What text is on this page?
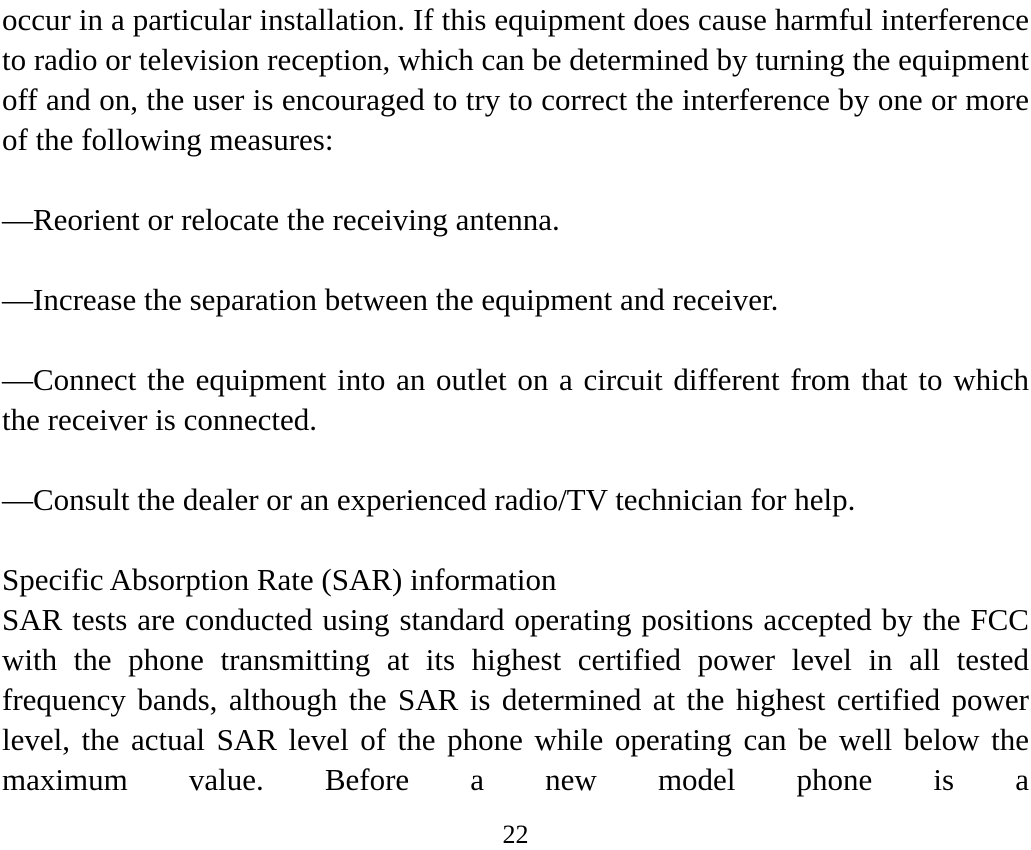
occur in a particular installation. If this equipment does cause harmful interference to radio or television reception, which can be determined by turning the equipment off and on, the user is encouraged to try to correct the interference by one or more of the following measures:

—Reorient or relocate the receiving antenna.

—Increase the separation between the equipment and receiver.

—Connect the equipment into an outlet on a circuit different from that to which the receiver is connected.

—Consult the dealer or an experienced radio/TV technician for help.

Specific Absorption Rate (SAR) information

SAR tests are conducted using standard operating positions accepted by the FCC with the phone transmitting at its highest certified power level in all tested frequency bands, although the SAR is determined at the highest certified power level, the actual SAR level of the phone while operating can be well below the maximum value. Before a new model phone is a

22
